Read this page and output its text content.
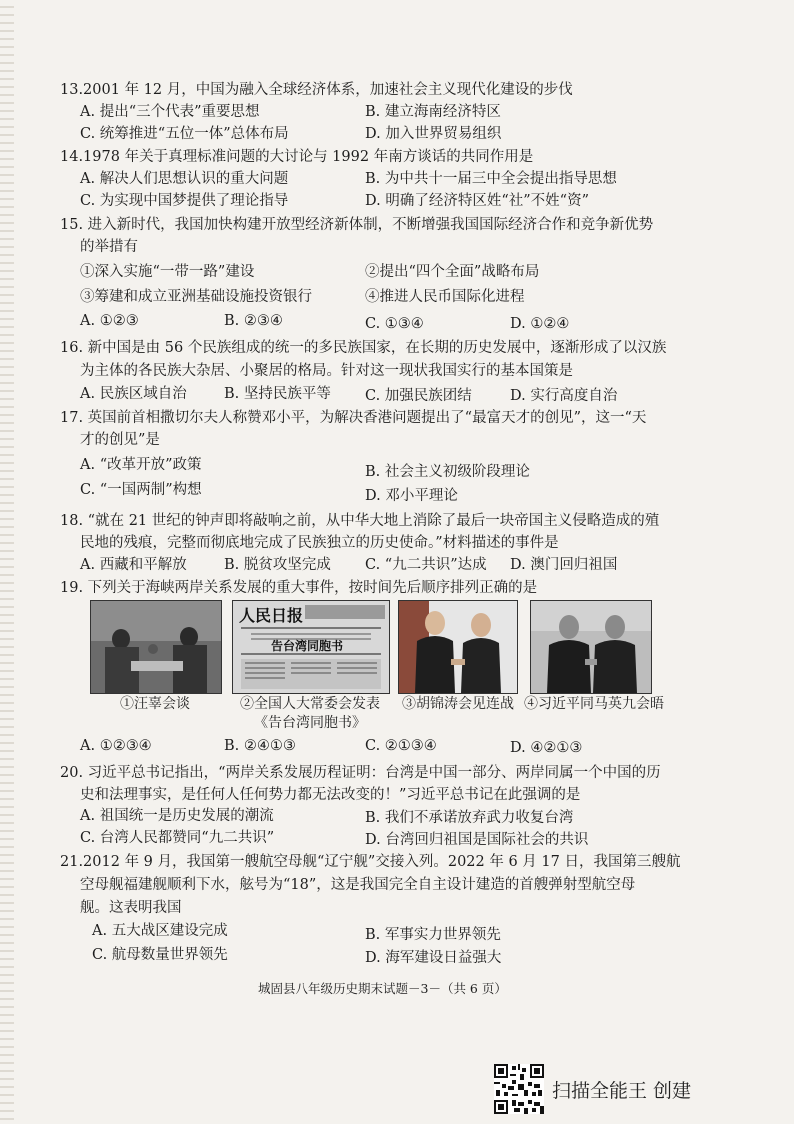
13.2001 年 12 月，中国为融入全球经济体系，加速社会主义现代化建设的步伐
A. 提出“三个代表”重要思想	B. 建立海南经济特区
C. 统筹推进“五位一体”总体布局	D. 加入世界贸易组织
14.1978 年关于真理标准问题的大讨论与 1992 年南方谈话的共同作用是
A. 解决人们思想认识的重大问题	B. 为中共十一届三中全会提出指导思想
C. 为实现中国梦提供了理论指导	D. 明确了经济特区姓“社”不姓“资”
15. 进入新时代，我国加快构建开放型经济新体制，不断增强我国国际经济合作和竞争新优势
的举措有
①深入实施“一带一路”建设	②提出“四个全面”战略布局
③筹建和成立亚洲基础设施投资银行	④推进人民币国际化进程
A. ①②③	B. ②③④	C. ①③④	D. ①②④
16. 新中国是由 56 个民族组成的统一的多民族国家，在长期的历史发展中，逐渐形成了以汉族
为主体的各民族大杂居、小聚居的格局。针对这一现状我国实行的基本国策是
A. 民族区域自治	B. 坚持民族平等 C. 加强民族团结	D. 实行高度自治
17. 英国前首相撒切尔夫人称赞邓小平，为解决香港问题提出了“最富天才的创见”，这一“天
才的创见”是
A. “改革开放”政策	B. 社会主义初级阶段理论
C. “一国两制”构想	D. 邓小平理论
18. “就在 21 世纪的钟声即将敲响之前，从中华大地上消除了最后一块帝国主义侵略造成的殖
民地的残痕，完整而彻底地完成了民族独立的历史使命。”材料描述的事件是
A. 西藏和平解放	B. 脱贫攻坚完成 C. “九二共识”达成 D. 澳门回归祖国
19. 下列关于海峡两岸关系发展的重大事件，按时间先后顺序排列正确的是
人民日报
告台湾同胞书
①汪辜会谈	②全国人大常委会发表
《告台湾同胞书》
③胡锦涛会见连战 ④习近平同马英九会晤
A. ①②③④	B. ②④①③	C. ②①③④	D. ④②①③
20. 习近平总书记指出，“两岸关系发展历程证明：台湾是中国一部分、两岸同属一个中国的历
史和法理事实，是任何人任何势力都无法改变的！”习近平总书记在此强调的是
A. 祖国统一是历史发展的潮流	B. 我们不承诺放弃武力收复台湾
C. 台湾人民都赞同“九二共识”	D. 台湾回归祖国是国际社会的共识
21.2012 年 9 月，我国第一艘航空母舰“辽宁舰”交接入列。2022 年 6 月 17 日，我国第三艘航
空母舰福建舰顺利下水，舷号为“18”，这是我国完全自主设计建造的首艘弹射型航空母
舰。这表明我国
A. 五大战区建设完成	B. 军事实力世界领先
C. 航母数量世界领先	D. 海军建设日益强大
城固县八年级历史期末试题－3－（共 6 页）
扫描全能王 创建
